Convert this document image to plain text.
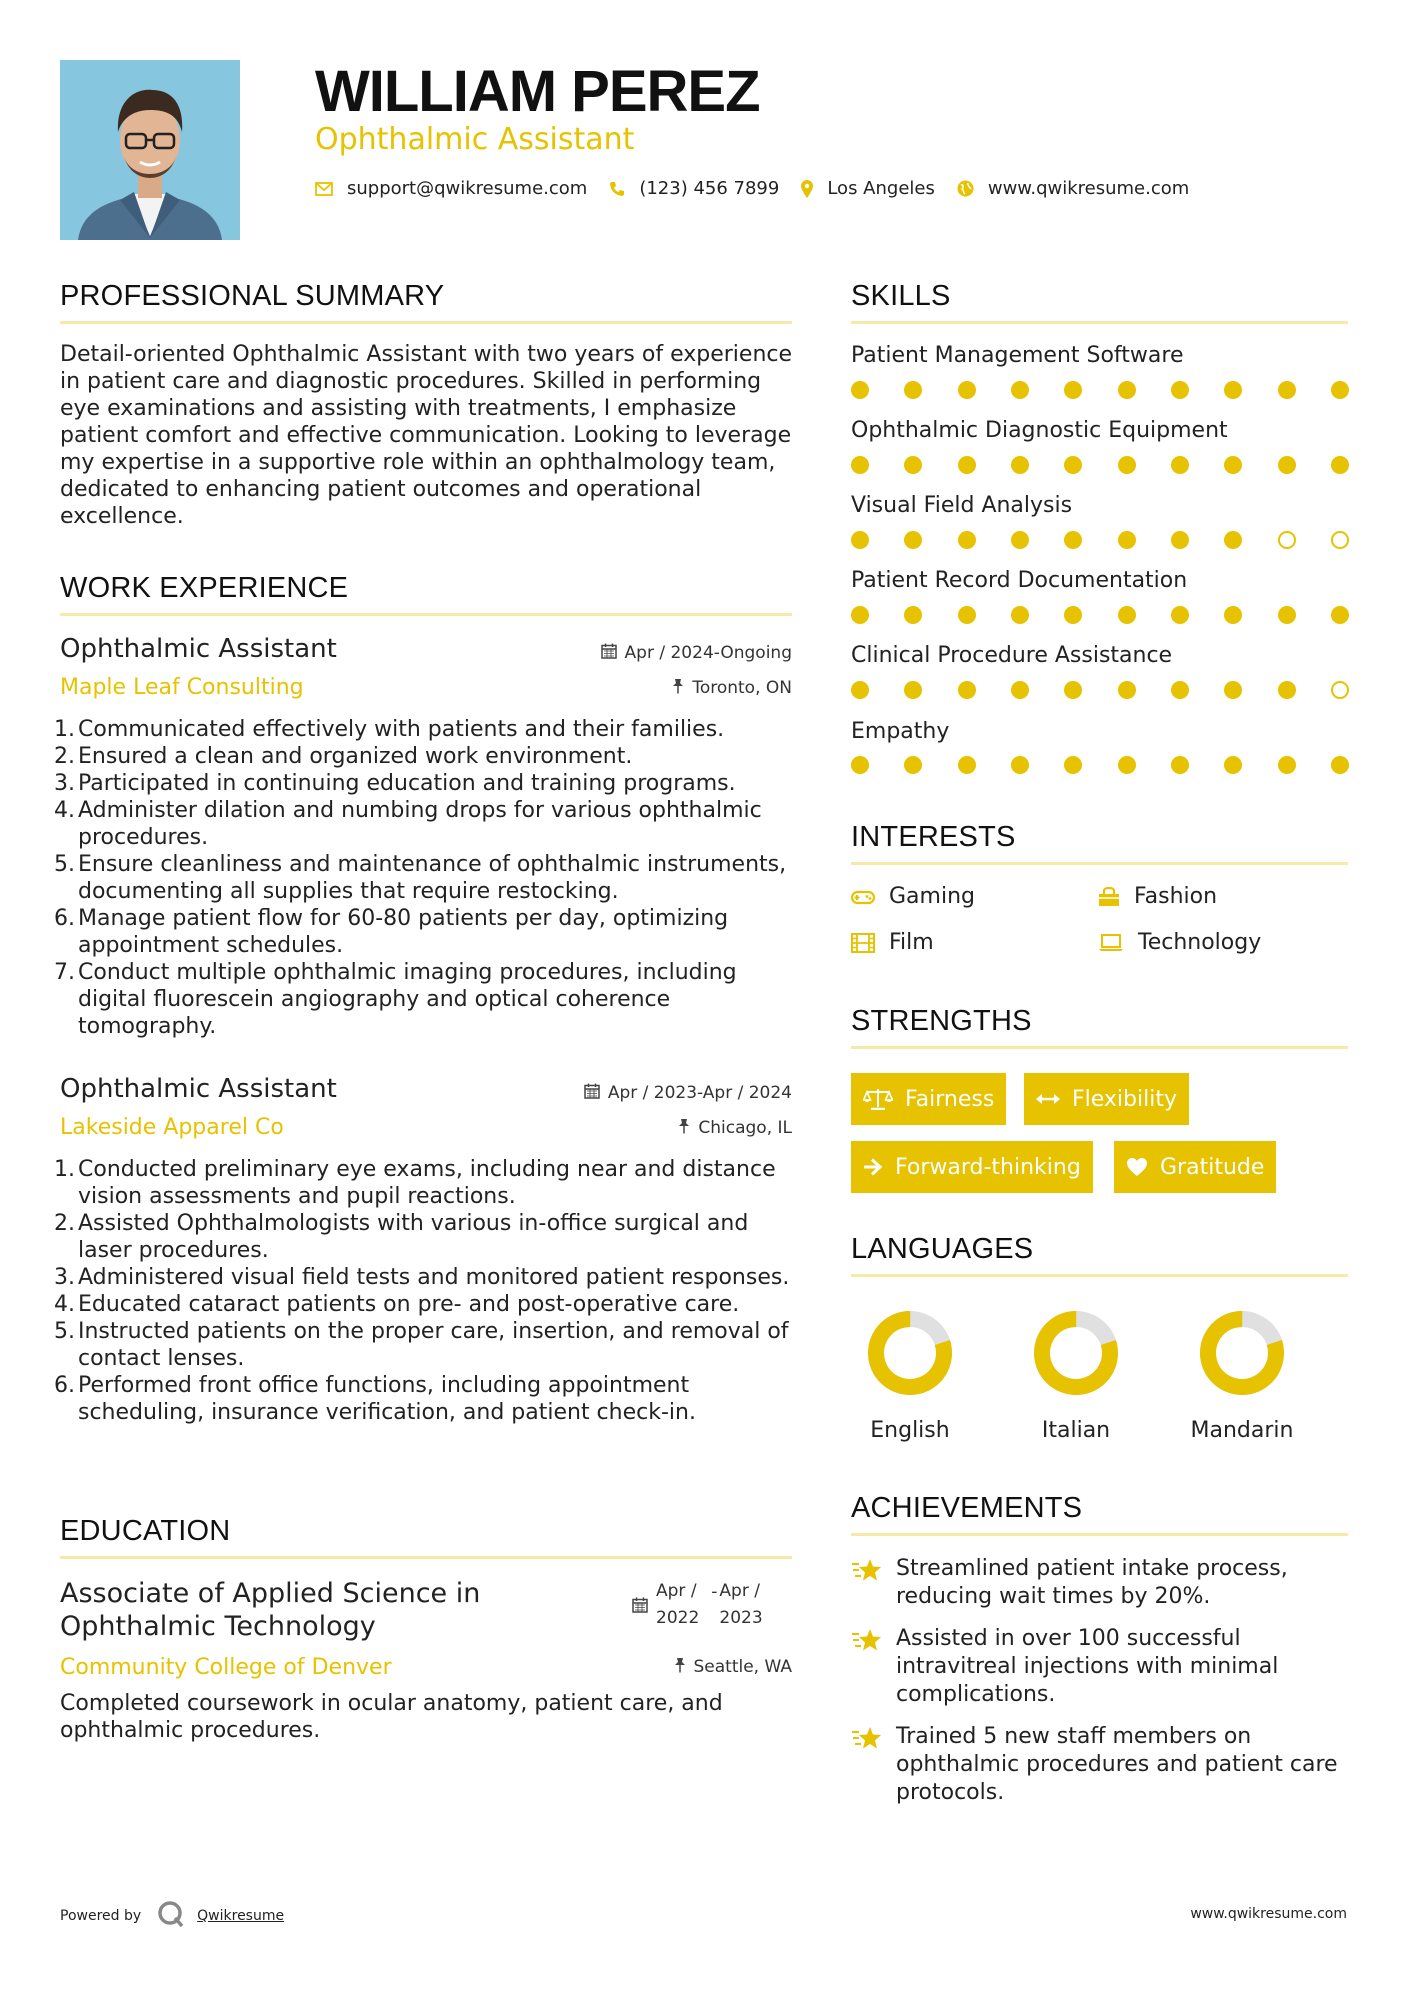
WILLIAM PEREZ
Ophthalmic Assistant
support@qwikresume.com	(123) 456 7899	Los Angeles	www.qwikresume.com
PROFESSIONAL SUMMARY
Detail-oriented Ophthalmic Assistant with two years of experience in patient care and diagnostic procedures. Skilled in performing eye examinations and assisting with treatments, I emphasize patient comfort and effective communication. Looking to leverage my expertise in a supportive role within an ophthalmology team, dedicated to enhancing patient outcomes and operational excellence.
WORK EXPERIENCE
Ophthalmic Assistant	Apr / 2024-Ongoing
Maple Leaf Consulting	Toronto, ON
1. Communicated effectively with patients and their families.
2. Ensured a clean and organized work environment.
3. Participated in continuing education and training programs.
4. Administer dilation and numbing drops for various ophthalmic procedures.
5. Ensure cleanliness and maintenance of ophthalmic instruments, documenting all supplies that require restocking.
6. Manage patient flow for 60-80 patients per day, optimizing appointment schedules.
7. Conduct multiple ophthalmic imaging procedures, including digital fluorescein angiography and optical coherence tomography.
Ophthalmic Assistant	Apr / 2023-Apr / 2024
Lakeside Apparel Co	Chicago, IL
1. Conducted preliminary eye exams, including near and distance vision assessments and pupil reactions.
2. Assisted Ophthalmologists with various in-office surgical and laser procedures.
3. Administered visual field tests and monitored patient responses.
4. Educated cataract patients on pre- and post-operative care.
5. Instructed patients on the proper care, insertion, and removal of contact lenses.
6. Performed front office functions, including appointment scheduling, insurance verification, and patient check-in.
EDUCATION
Associate of Applied Science in Ophthalmic Technology
Apr /
2022
- Apr /
2023
Community College of Denver	Seattle, WA
Completed coursework in ocular anatomy, patient care, and ophthalmic procedures.
SKILLS
Patient Management Software
Ophthalmic Diagnostic Equipment
Visual Field Analysis
Patient Record Documentation
Clinical Procedure Assistance
Empathy
INTERESTS
Gaming	Fashion
Film	Technology
STRENGTHS
Fairness	Flexibility
Forward-thinking	Gratitude
LANGUAGES
English	Italian	Mandarin
ACHIEVEMENTS
Streamlined patient intake process, reducing wait times by 20%.
Assisted in over 100 successful intravitreal injections with minimal complications.
Trained 5 new staff members on ophthalmic procedures and patient care protocols.
Powered by	Qwikresume	www.qwikresume.com
